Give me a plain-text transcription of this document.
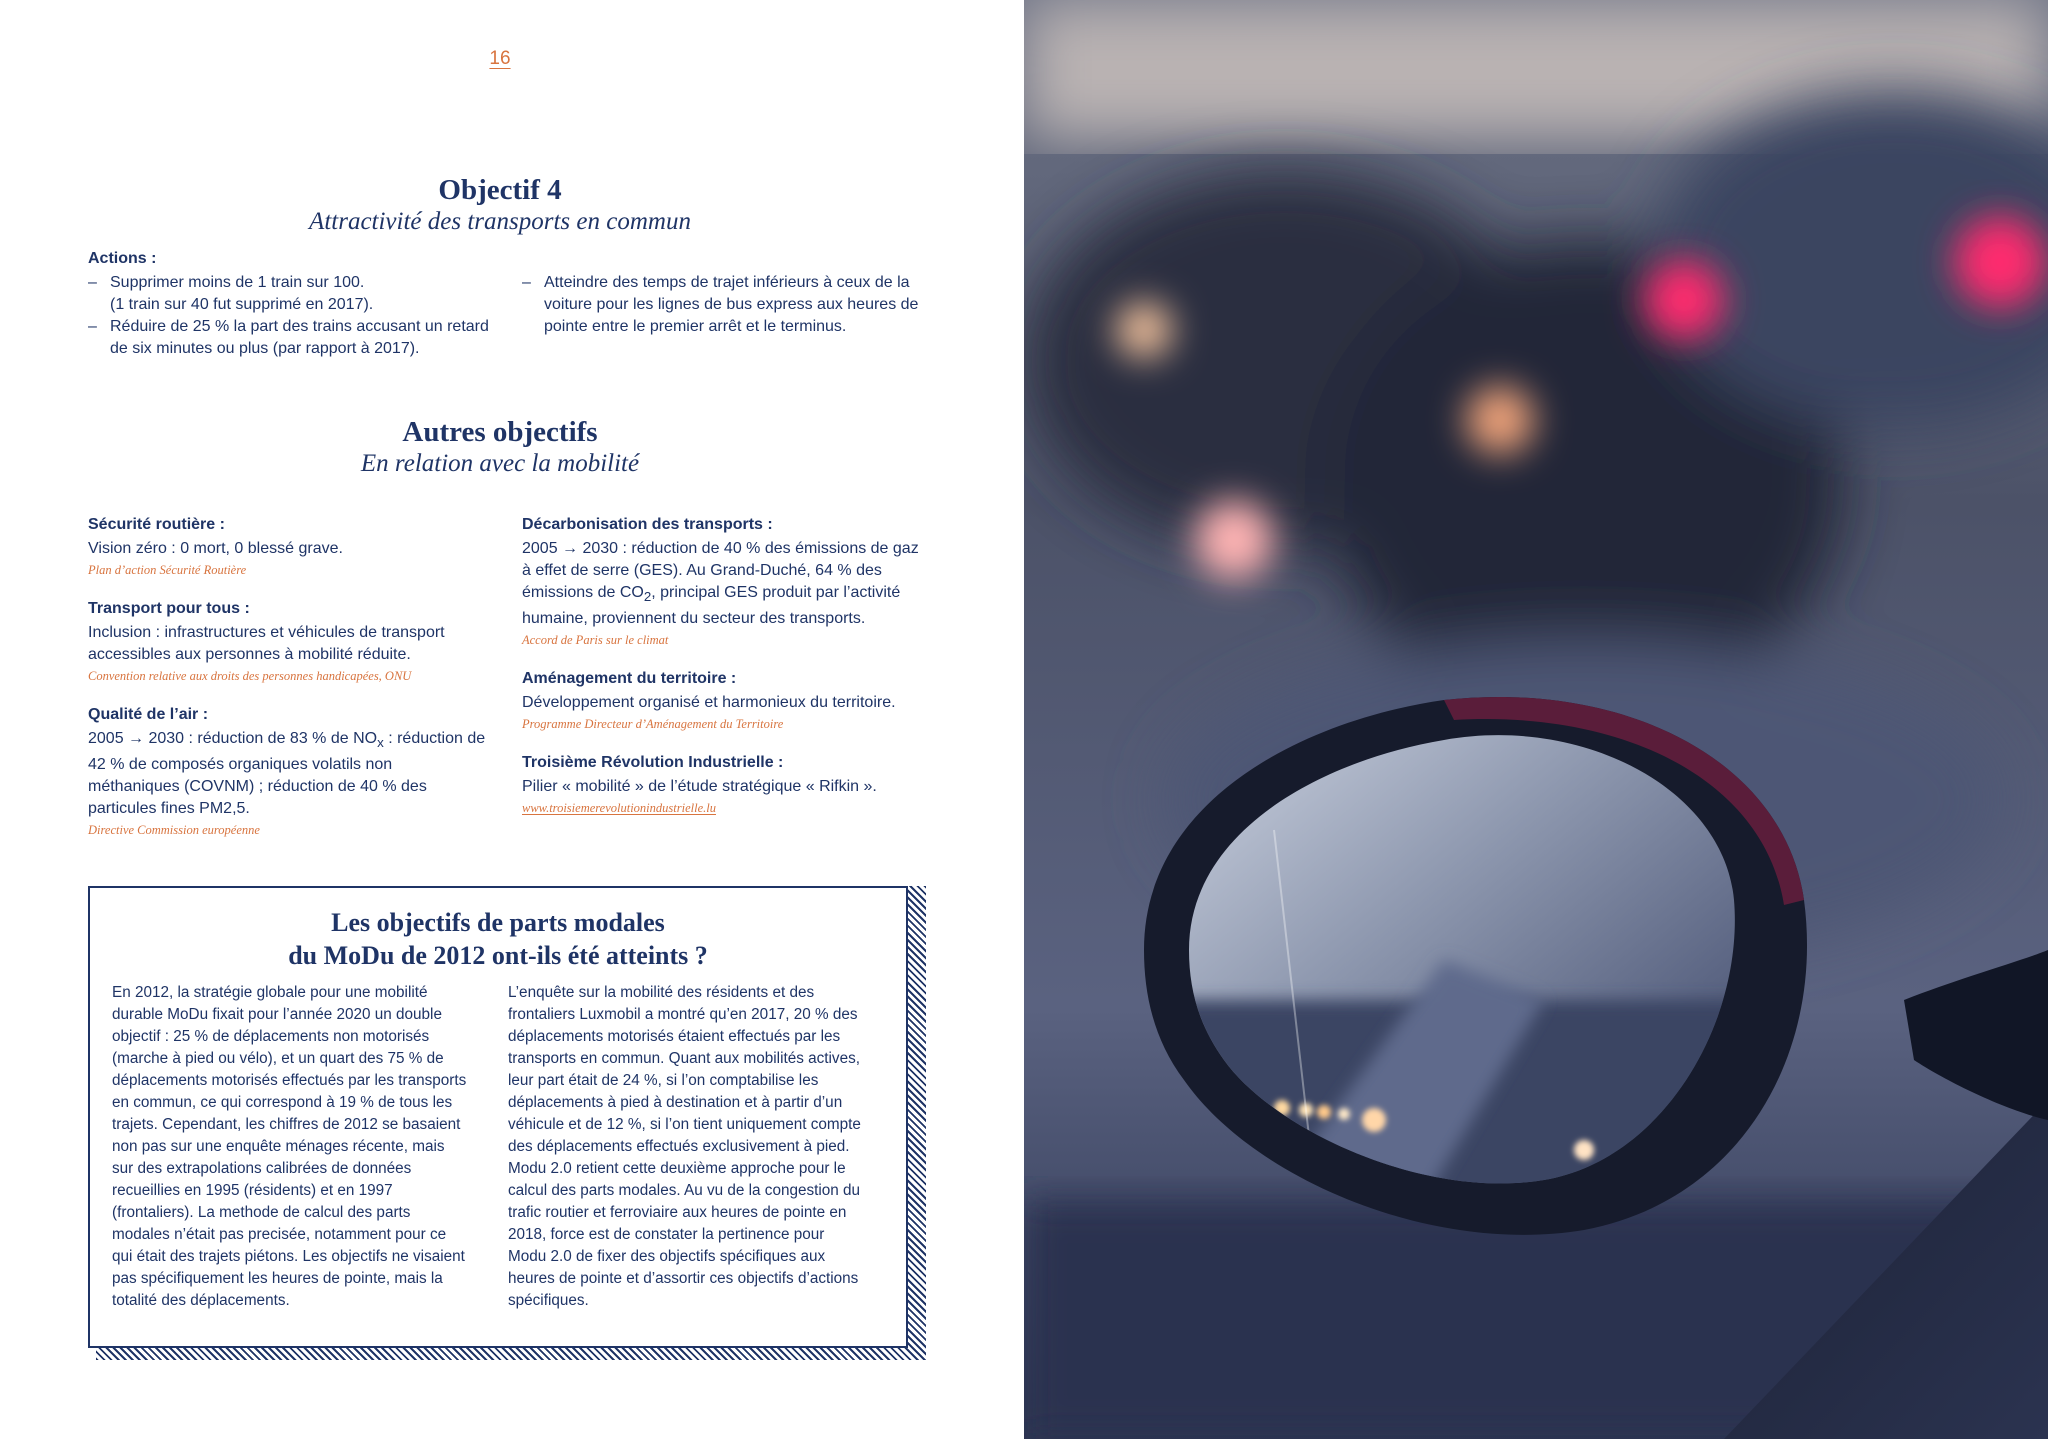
16
Objectif 4
Attractivité des transports en commun
Actions :
– Supprimer moins de 1 train sur 100.
(1 train sur 40 fut supprimé en 2017).
– Réduire de 25 % la part des trains accusant un retard de six minutes ou plus (par rapport à 2017).
– Atteindre des temps de trajet inférieurs à ceux de la voiture pour les lignes de bus express aux heures de pointe entre le premier arrêt et le terminus.
Autres objectifs
En relation avec la mobilité
Sécurité routière :
Vision zéro : 0 mort, 0 blessé grave.
Plan d’action Sécurité Routière
Transport pour tous :
Inclusion : infrastructures et véhicules de transport accessibles aux personnes à mobilité réduite.
Convention relative aux droits des personnes handicapées, ONU
Qualité de l’air :
2005 → 2030 : réduction de 83 % de $NO_x$ : réduction de 42 % de composés organiques volatils non méthaniques (COVNM) ; réduction de 40 % des particules fines PM2,5.
Directive Commission européenne
Décarbonisation des transports :
2005 → 2030 : réduction de 40 % des émissions de gaz à effet de serre (GES). Au Grand-Duché, 64 % des émissions de $CO_2$, principal GES produit par l’activité humaine, proviennent du secteur des transports.
Accord de Paris sur le climat
Aménagement du territoire :
Développement organisé et harmonieux du territoire.
Programme Directeur d’Aménagement du Territoire
Troisième Révolution Industrielle :
Pilier « mobilité » de l’étude stratégique « Rifkin ».
www.troisiemerevolutionindustrielle.lu
Les objectifs de parts modales
du MoDu de 2012 ont-ils été atteints ?
En 2012, la stratégie globale pour une mobilité durable MoDu fixait pour l’année 2020 un double objectif : 25 % de déplacements non motorisés (marche à pied ou vélo), et un quart des 75 % de déplacements motorisés effectués par les transports en commun, ce qui correspond à 19 % de tous les trajets. Cependant, les chiffres de 2012 se basaient non pas sur une enquête ménages récente, mais sur des extrapolations calibrées de données recueillies en 1995 (résidents) et en 1997 (frontaliers). La methode de calcul des parts modales n’était pas precisée, notamment pour ce qui était des trajets piétons. Les objectifs ne visaient pas spécifiquement les heures de pointe, mais la totalité des déplacements.
L’enquête sur la mobilité des résidents et des frontaliers Luxmobil a montré qu’en 2017, 20 % des déplacements motorisés étaient effectués par les transports en commun. Quant aux mobilités actives, leur part était de 24 %, si l’on comptabilise les déplacements à pied à destination et à partir d’un véhicule et de 12 %, si l’on tient uniquement compte des déplacements effectués exclusivement à pied. Modu 2.0 retient cette deuxième approche pour le calcul des parts modales. Au vu de la congestion du trafic routier et ferroviaire aux heures de pointe en 2018, force est de constater la pertinence pour Modu 2.0 de fixer des objectifs spécifiques aux heures de pointe et d’assortir ces objectifs d’actions spécifiques.
